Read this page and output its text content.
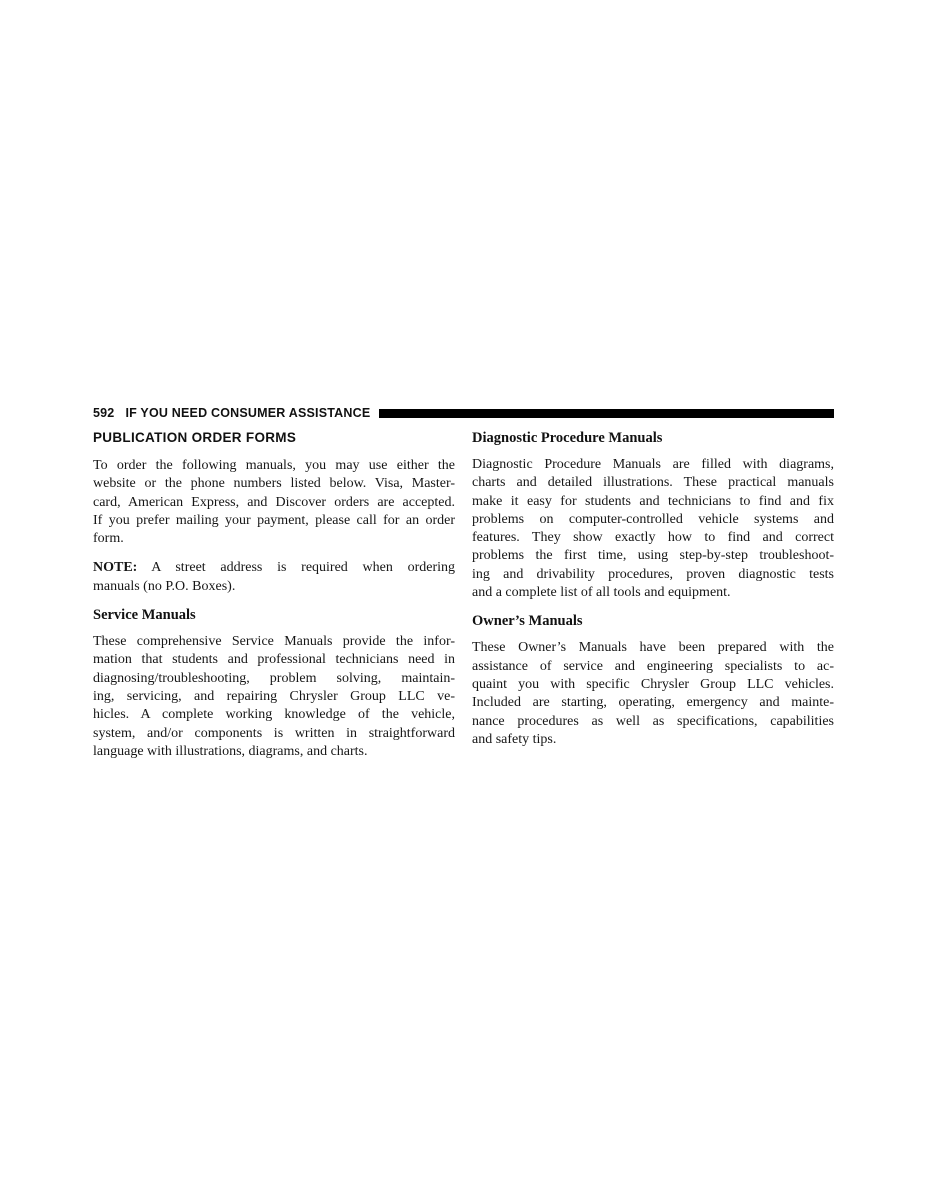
592 IF YOU NEED CONSUMER ASSISTANCE
PUBLICATION ORDER FORMS
To order the following manuals, you may use either the
website or the phone numbers listed below. Visa, Master-
card, American Express, and Discover orders are accepted.
If you prefer mailing your payment, please call for an order
form.
NOTE: A street address is required when ordering
manuals (no P.O. Boxes).
Service Manuals
These comprehensive Service Manuals provide the infor-
mation that students and professional technicians need in
diagnosing/troubleshooting, problem solving, maintain-
ing, servicing, and repairing Chrysler Group LLC ve-
hicles. A complete working knowledge of the vehicle,
system, and/or components is written in straightforward
language with illustrations, diagrams, and charts.
Diagnostic Procedure Manuals
Diagnostic Procedure Manuals are filled with diagrams,
charts and detailed illustrations. These practical manuals
make it easy for students and technicians to find and fix
problems on computer-controlled vehicle systems and
features. They show exactly how to find and correct
problems the first time, using step-by-step troubleshoot-
ing and drivability procedures, proven diagnostic tests
and a complete list of all tools and equipment.
Owner’s Manuals
These Owner’s Manuals have been prepared with the
assistance of service and engineering specialists to ac-
quaint you with specific Chrysler Group LLC vehicles.
Included are starting, operating, emergency and mainte-
nance procedures as well as specifications, capabilities
and safety tips.
